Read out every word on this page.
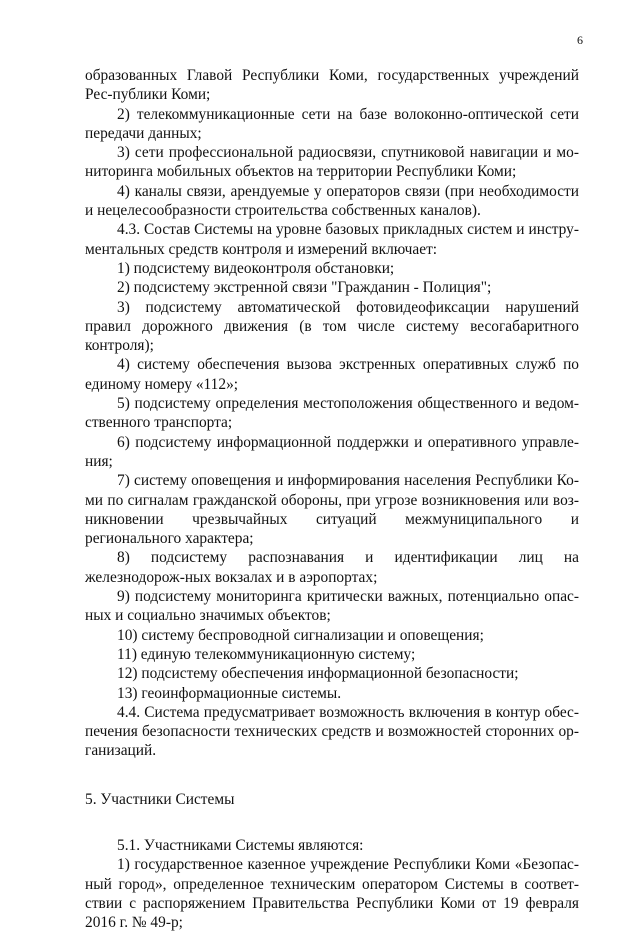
6

образованных Главой Республики Коми, государственных учреждений Рес-публики Коми;

2) телекоммуникационные сети на базе волоконно-оптической сети передачи данных;

3) сети профессиональной радиосвязи, спутниковой навигации и мо-ниторинга мобильных объектов на территории Республики Коми;

4) каналы связи, арендуемые у операторов связи (при необходимости и нецелесообразности строительства собственных каналов).

4.3. Состав Системы на уровне базовых прикладных систем и инстру-ментальных средств контроля и измерений включает:

1) подсистему видеоконтроля обстановки;

2) подсистему экстренной связи "Гражданин - Полиция";

3) подсистему автоматической фотовидеофиксации нарушений правил дорожного движения (в том числе систему весогабаритного контроля);

4) систему обеспечения вызова экстренных оперативных служб по единому номеру «112»;

5) подсистему определения местоположения общественного и ведом-ственного транспорта;

6) подсистему информационной поддержки и оперативного управле-ния;

7) систему оповещения и информирования населения Республики Ко-ми по сигналам гражданской обороны, при угрозе возникновения или воз-никновении чрезвычайных ситуаций межмуниципального и регионального характера;

8) подсистему распознавания и идентификации лиц на железнодорож-ных вокзалах и в аэропортах;

9) подсистему мониторинга критически важных, потенциально опас-ных и социально значимых объектов;

10) систему беспроводной сигнализации и оповещения;

11) единую телекоммуникационную систему;

12) подсистему обеспечения информационной безопасности;

13) геоинформационные системы.

4.4. Система предусматривает возможность включения в контур обес-печения безопасности технических средств и возможностей сторонних ор-ганизаций.

5. Участники Системы

5.1. Участниками Системы являются:

1) государственное казенное учреждение Республики Коми «Безопас-ный город», определенное техническим оператором Системы в соответ-ствии с распоряжением Правительства Республики Коми от 19 февраля 2016 г. № 49-р;
